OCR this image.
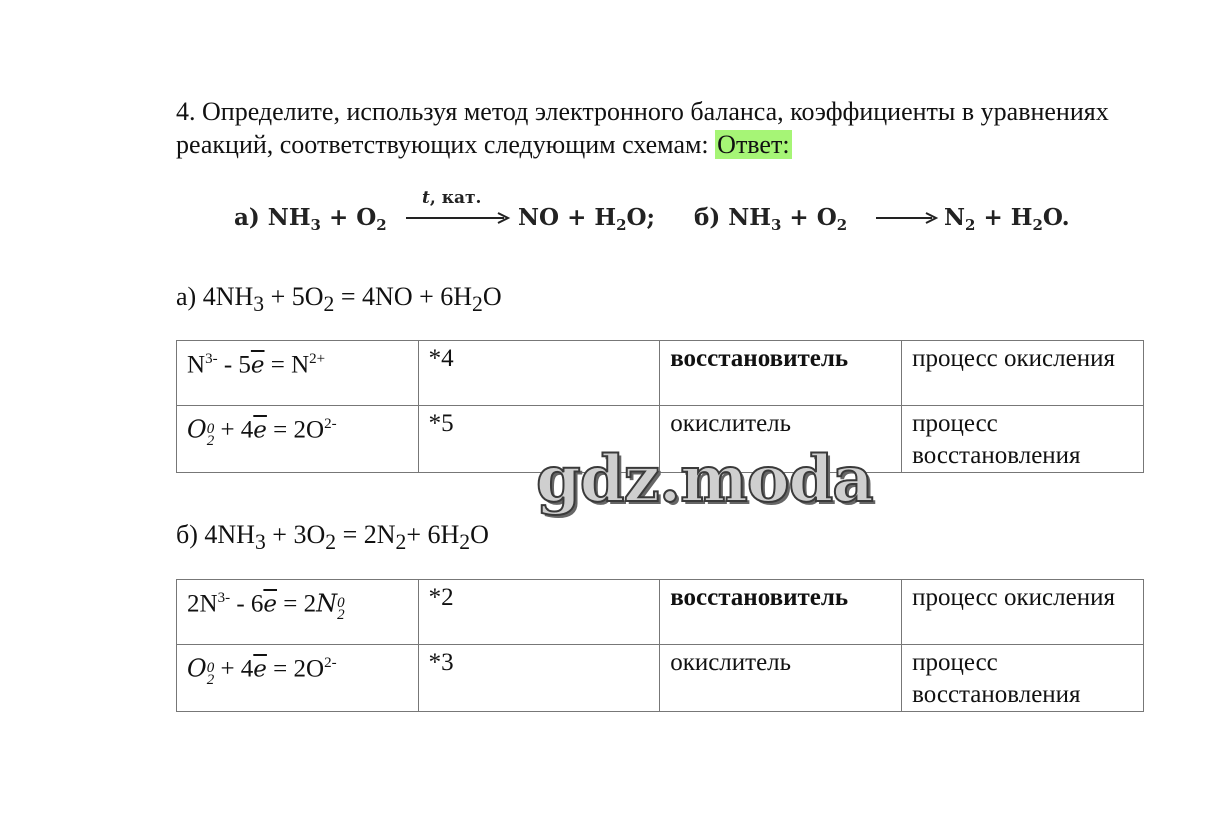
4. Определите, используя метод электронного баланса, коэффициенты в уравнениях реакций, соответствующих следующим схемам: Ответ:
а) $NH_3 + O_2$
t, кат.
NO + $H_2O$; б) $NH_3 + O_2$	$N_2 + H_2O$.
а) $4NH_3 + 5O_2 = 4NO + 6H_2O$
$N^{3-} - 5\overline{e} = N^{2+}$	*4	восстановитель	процесс окисления
O 0
$2 + 4\overline{e} = 2O^{2-}$	*5	окислитель	процесс восстановления
б) $4NH_3 + 3O_2 = 2N_2+ 6H_2O$
$2N^{3-} - 6\overline{e} = 2N$ 0
2	*2	восстановитель	процесс окисления
O 0
$2 + 4\overline{e} = 2O^{2-}$	*3	окислитель	процесс восстановления
gdz.moda
